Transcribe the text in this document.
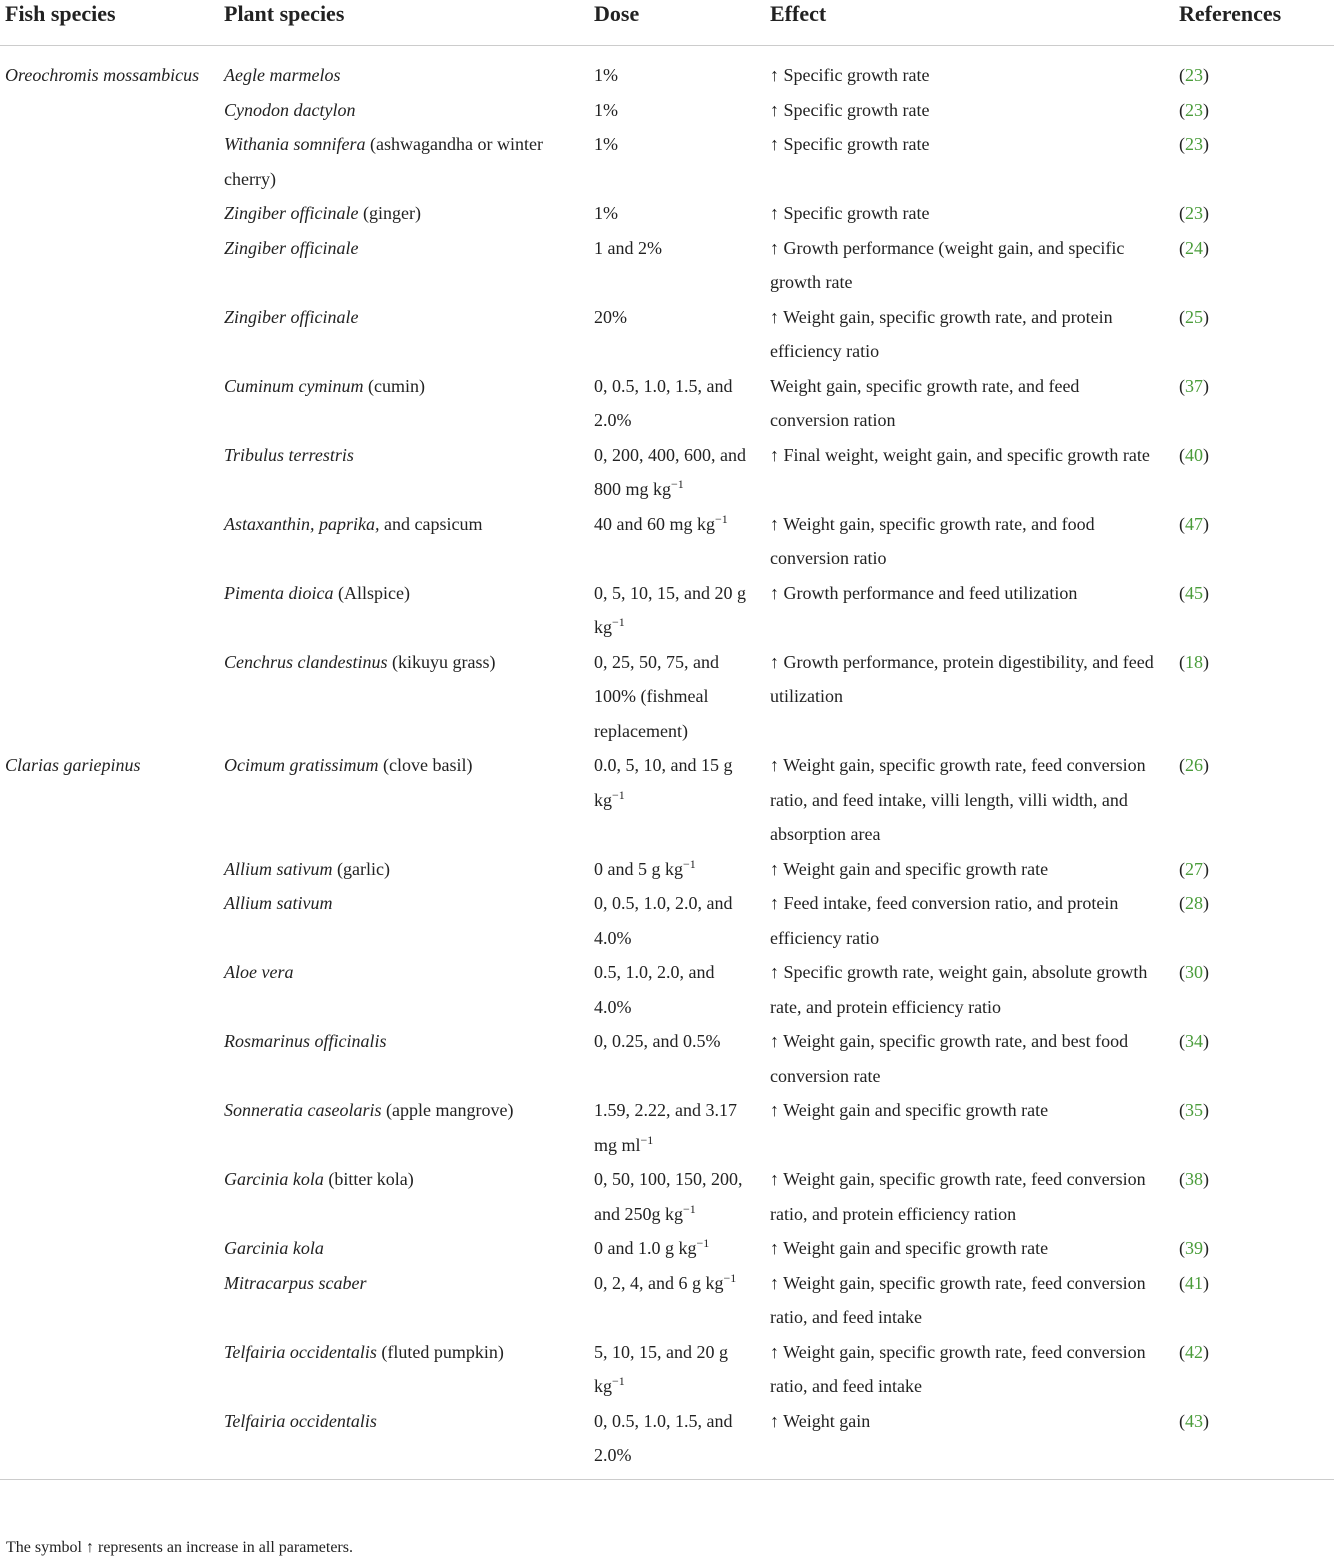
Fish species	Plant species	Dose	Effect	References
Oreochromis mossambicus	Aegle marmelos	1%	↑ Specific growth rate	(23)
	Cynodon dactylon	1%	↑ Specific growth rate	(23)
	Withania somnifera (ashwagandha or winter cherry)	1%	↑ Specific growth rate	(23)
	Zingiber officinale (ginger)	1%	↑ Specific growth rate	(23)
	Zingiber officinale	1 and 2%	↑ Growth performance (weight gain, and specific growth rate	(24)
	Zingiber officinale	20%	↑ Weight gain, specific growth rate, and protein efficiency ratio	(25)
	Cuminum cyminum (cumin)	0, 0.5, 1.0, 1.5, and 2.0%	Weight gain, specific growth rate, and feed conversion ration	(37)
	Tribulus terrestris	0, 200, 400, 600, and 800 mg $kg^{-1}$	↑ Final weight, weight gain, and specific growth rate	(40)
	Astaxanthin, paprika, and capsicum	40 and 60 mg $kg^{-1}$	↑ Weight gain, specific growth rate, and food conversion ratio	(47)
	Pimenta dioica (Allspice)	0, 5, 10, 15, and 20 g $kg^{-1}$	↑ Growth performance and feed utilization	(45)
	Cenchrus clandestinus (kikuyu grass)	0, 25, 50, 75, and 100% (fishmeal replacement)	↑ Growth performance, protein digestibility, and feed utilization	(18)
Clarias gariepinus	Ocimum gratissimum (clove basil)	0.0, 5, 10, and 15 g $kg^{-1}$	↑ Weight gain, specific growth rate, feed conversion ratio, and feed intake, villi length, villi width, and absorption area	(26)
	Allium sativum (garlic)	0 and 5 g $kg^{-1}$	↑ Weight gain and specific growth rate	(27)
	Allium sativum	0, 0.5, 1.0, 2.0, and 4.0%	↑ Feed intake, feed conversion ratio, and protein efficiency ratio	(28)
	Aloe vera	0.5, 1.0, 2.0, and 4.0%	↑ Specific growth rate, weight gain, absolute growth rate, and protein efficiency ratio	(30)
	Rosmarinus officinalis	0, 0.25, and 0.5%	↑ Weight gain, specific growth rate, and best food conversion rate	(34)
	Sonneratia caseolaris (apple mangrove)	1.59, 2.22, and 3.17 mg $ml^{-1}$	↑ Weight gain and specific growth rate	(35)
	Garcinia kola (bitter kola)	0, 50, 100, 150, 200, and 250g $kg^{-1}$	↑ Weight gain, specific growth rate, feed conversion ratio, and protein efficiency ration	(38)
	Garcinia kola	0 and 1.0 g $kg^{-1}$	↑ Weight gain and specific growth rate	(39)
	Mitracarpus scaber	0, 2, 4, and 6 g $kg^{-1}$	↑ Weight gain, specific growth rate, feed conversion ratio, and feed intake	(41)
	Telfairia occidentalis (fluted pumpkin)	5, 10, 15, and 20 g $kg^{-1}$	↑ Weight gain, specific growth rate, feed conversion ratio, and feed intake	(42)
	Telfairia occidentalis	0, 0.5, 1.0, 1.5, and 2.0%	↑ Weight gain	(43)
The symbol ↑ represents an increase in all parameters.
